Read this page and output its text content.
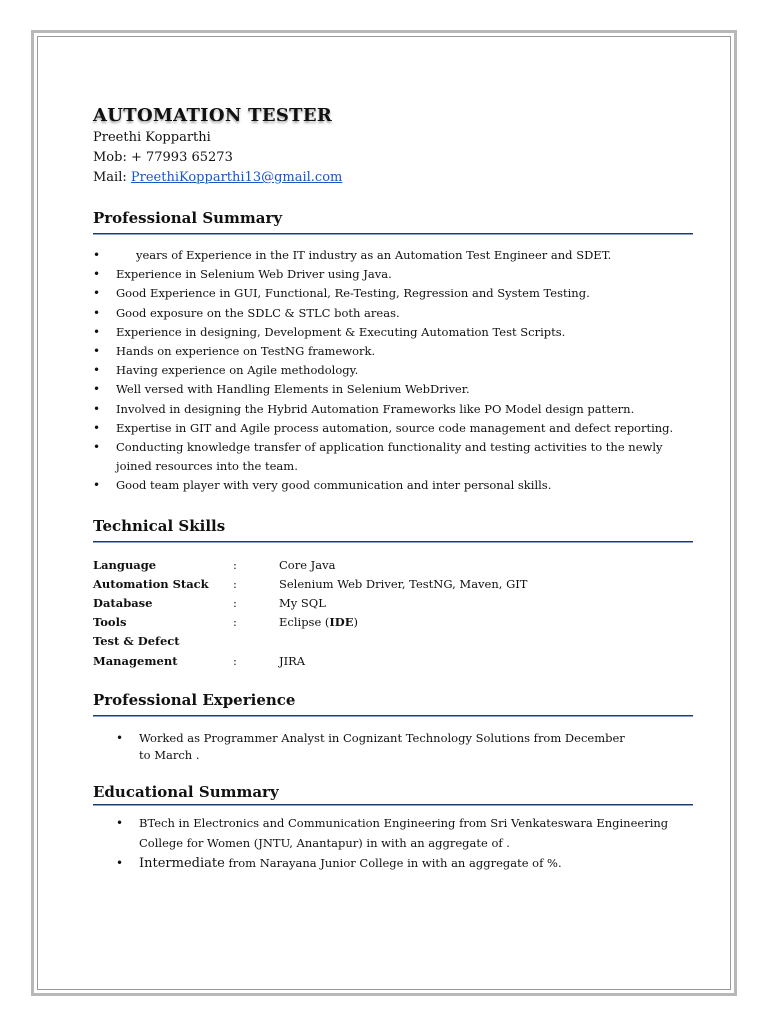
AUTOMATION TESTER

Preethi Kopparthi

Mob: + 77993 65273

Mail: PreethiKopparthi13@gmail.com

Professional Summary
• years of Experience in the IT industry as an Automation Test Engineer and SDET.
• Experience in Selenium Web Driver using Java.
• Good Experience in GUI, Functional, Re-Testing, Regression and System Testing.
• Good exposure on the SDLC & STLC both areas.
• Experience in designing, Development & Executing Automation Test Scripts.
• Hands on experience on TestNG framework.
• Having experience on Agile methodology.
• Well versed with Handling Elements in Selenium WebDriver.
• Involved in designing the Hybrid Automation Frameworks like PO Model design pattern.
• Expertise in GIT and Agile process automation, source code management and defect reporting.
• Conducting knowledge transfer of application functionality and testing activities to the newly joined resources into the team.
• Good team player with very good communication and inter personal skills.
Technical Skills
Language	:	Core Java
Automation Stack	:	Selenium Web Driver, TestNG, Maven, GIT
Database	:	My SQL
Tools	:	Eclipse (IDE)
Test & Defect
Management	:	JIRA
Professional Experience
• Worked as Programmer Analyst in Cognizant Technology Solutions from December to March .
Educational Summary
• BTech in Electronics and Communication Engineering from Sri Venkateswara Engineering College for Women (JNTU, Anantapur) in with an aggregate of .
• Intermediate from Narayana Junior College in with an aggregate of %.
